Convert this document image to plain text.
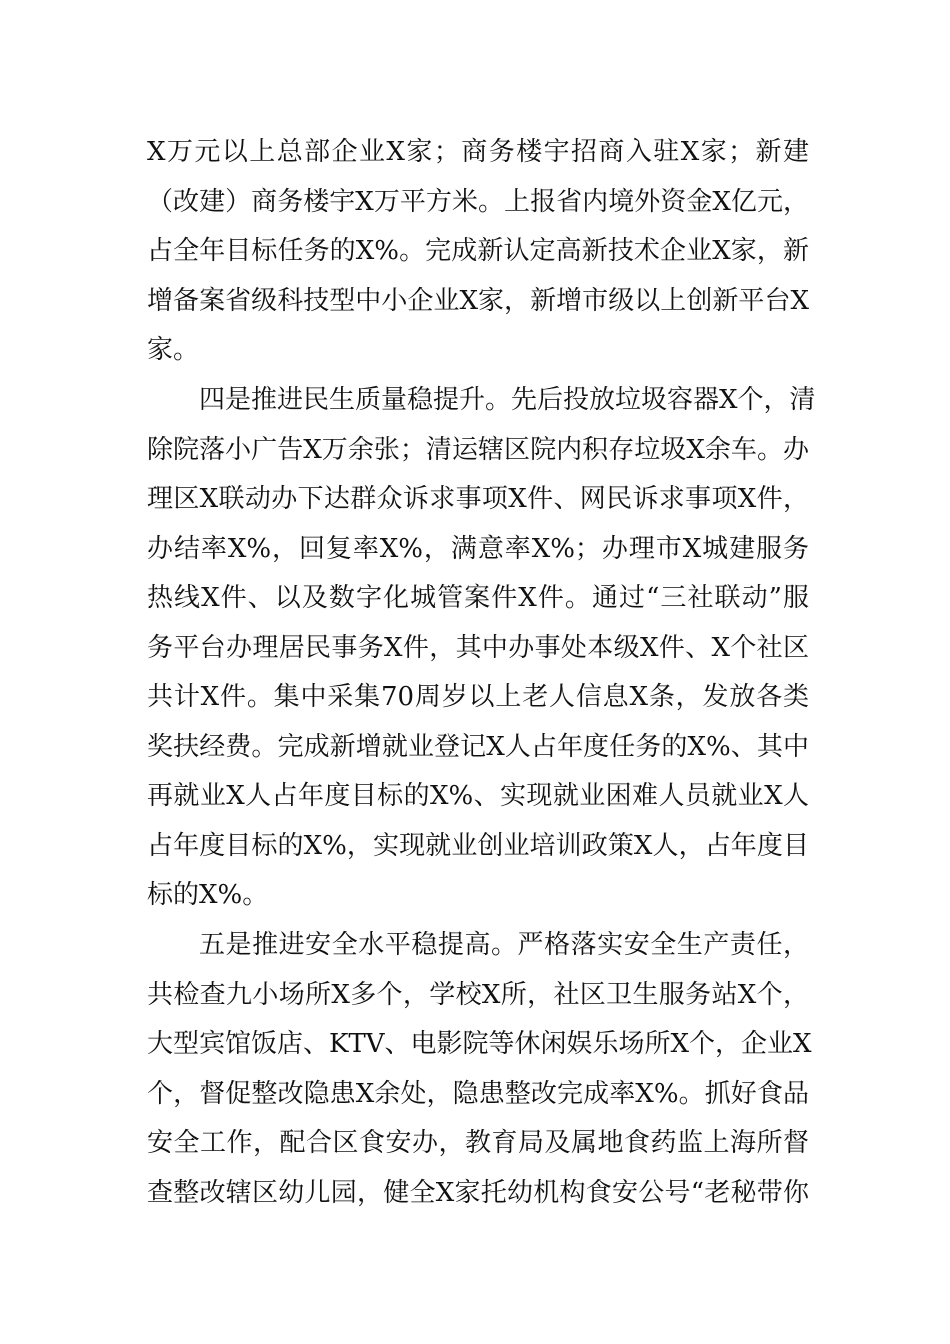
X万元以上总部企业X家；商务楼宇招商入驻X家；新建
（改建）商务楼宇X万平方米。上报省内境外资金X亿元，
占全年目标任务的X%。完成新认定高新技术企业X家，新
增备案省级科技型中小企业X家，新增市级以上创新平台X
家。
四是推进民生质量稳提升。先后投放垃圾容器X个，清
除院落小广告X万余张；清运辖区院内积存垃圾X余车。办
理区X联动办下达群众诉求事项X件、网民诉求事项X件，
办结率X%，回复率X%，满意率X%；办理市X城建服务
热线X件、以及数字化城管案件X件。通过“三社联动”服
务平台办理居民事务X件，其中办事处本级X件、X个社区
共计X件。集中采集70周岁以上老人信息X条，发放各类
奖扶经费。完成新增就业登记X人占年度任务的X%、其中
再就业X人占年度目标的X%、实现就业困难人员就业X人
占年度目标的X%，实现就业创业培训政策X人，占年度目
标的X%。
五是推进安全水平稳提高。严格落实安全生产责任，
共检查九小场所X多个，学校X所，社区卫生服务站X个，
大型宾馆饭店、KTV、电影院等休闲娱乐场所X个，企业X
个，督促整改隐患X余处，隐患整改完成率X%。抓好食品
安全工作，配合区食安办，教育局及属地食药监上海所督
查整改辖区幼儿园，健全X家托幼机构食安公号“老秘带你
